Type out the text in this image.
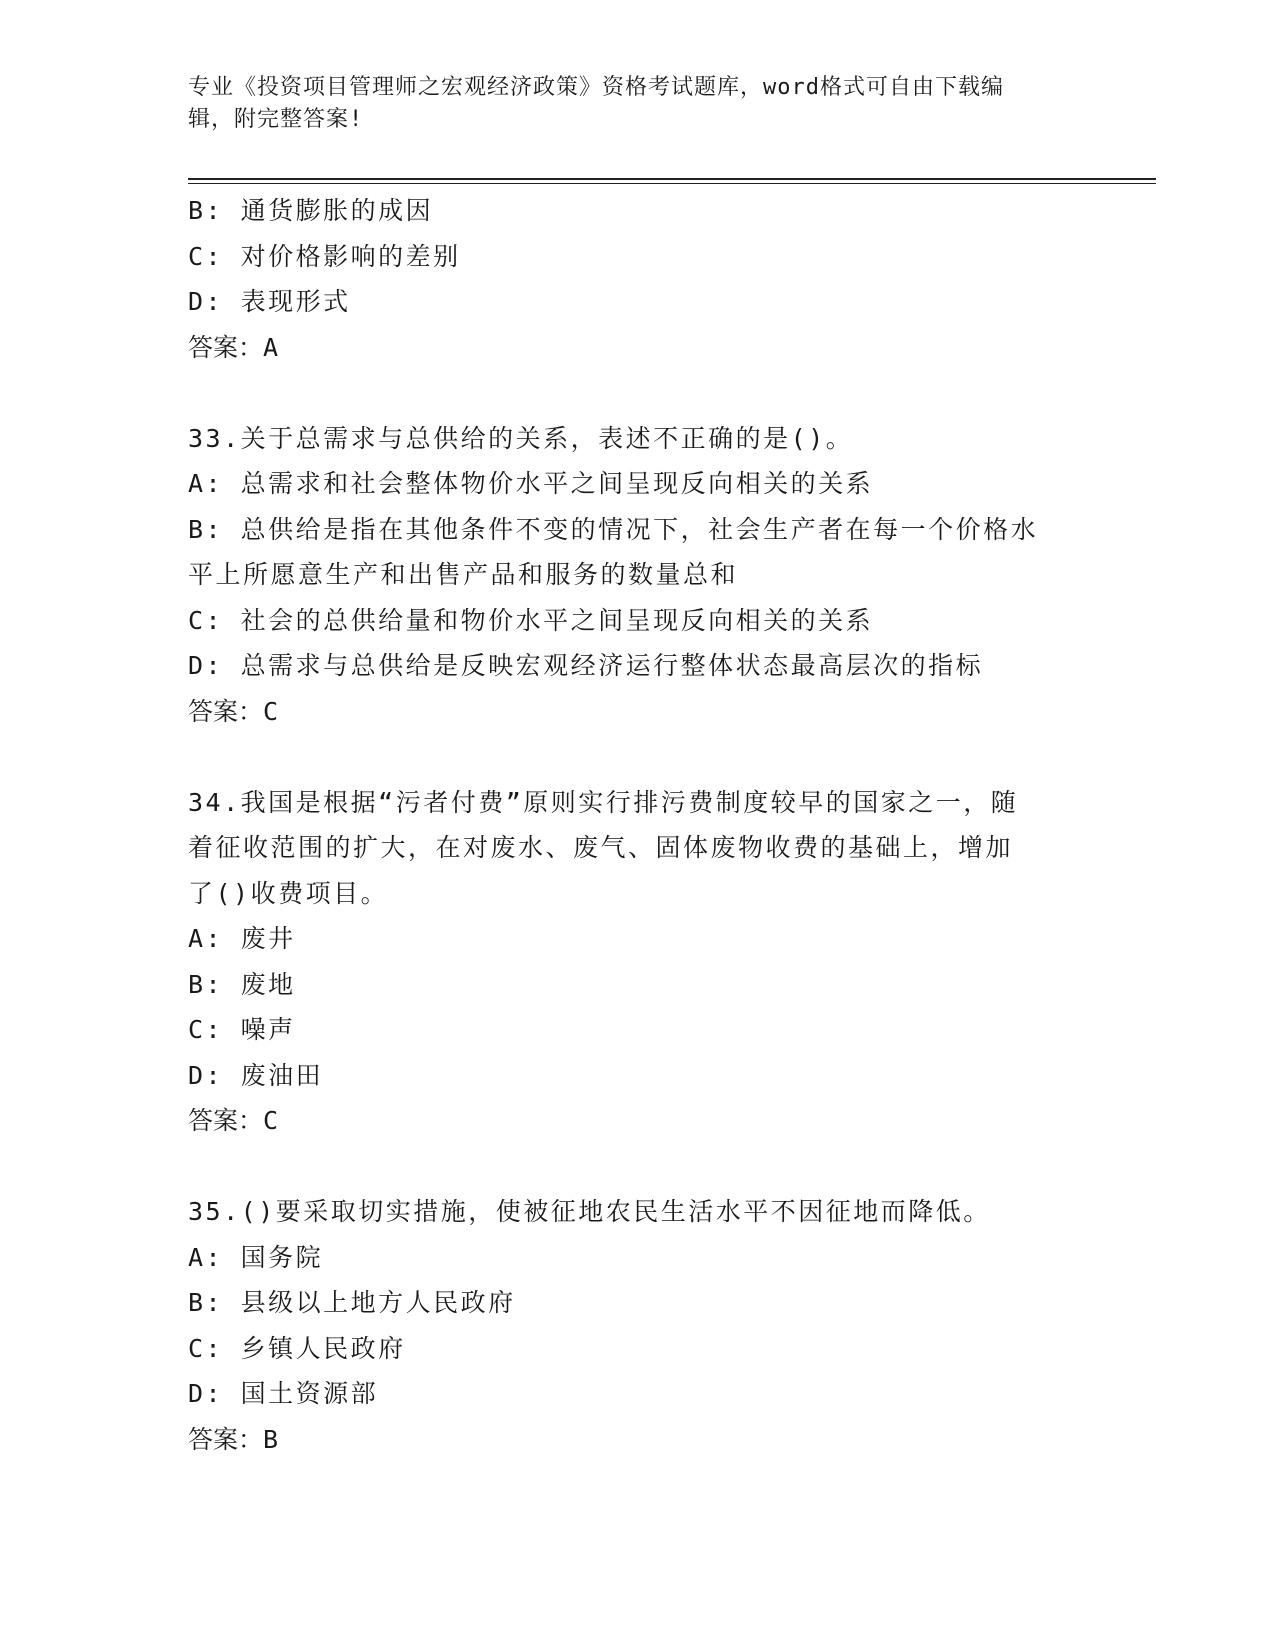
专业《投资项目管理师之宏观经济政策》资格考试题库，word格式可自由下载编
辑，附完整答案!
B: 通货膨胀的成因
C: 对价格影响的差别
D: 表现形式
答案：A
33.关于总需求与总供给的关系，表述不正确的是()。
A: 总需求和社会整体物价水平之间呈现反向相关的关系
B: 总供给是指在其他条件不变的情况下，社会生产者在每一个价格水
平上所愿意生产和出售产品和服务的数量总和
C: 社会的总供给量和物价水平之间呈现反向相关的关系
D: 总需求与总供给是反映宏观经济运行整体状态最高层次的指标
答案：C
34.我国是根据“污者付费”原则实行排污费制度较早的国家之一，随
着征收范围的扩大，在对废水、废气、固体废物收费的基础上，增加
了()收费项目。
A: 废井
B: 废地
C: 噪声
D: 废油田
答案：C
35.()要采取切实措施，使被征地农民生活水平不因征地而降低。
A: 国务院
B: 县级以上地方人民政府
C: 乡镇人民政府
D: 国土资源部
答案：B
